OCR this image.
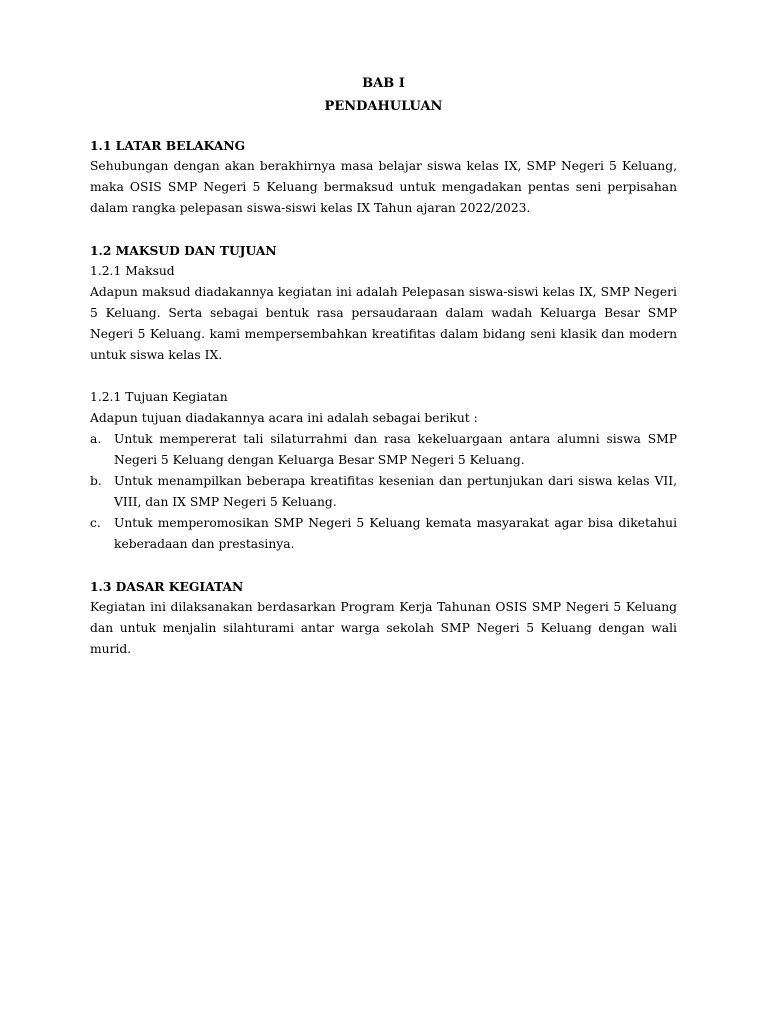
BAB I
PENDAHULUAN
1.1 LATAR BELAKANG

Sehubungan dengan akan berakhirnya masa belajar siswa kelas IX, SMP Negeri 5 Keluang, maka OSIS SMP Negeri 5 Keluang bermaksud untuk mengadakan pentas seni perpisahan dalam rangka pelepasan siswa-siswi kelas IX Tahun ajaran 2022/2023.

1.2 MAKSUD DAN TUJUAN
1.2.1 Maksud

Adapun maksud diadakannya kegiatan ini adalah Pelepasan siswa-siswi kelas IX, SMP Negeri 5 Keluang. Serta sebagai bentuk rasa persaudaraan dalam wadah Keluarga Besar SMP Negeri 5 Keluang. kami mempersembahkan kreatifitas dalam bidang seni klasik dan modern untuk siswa kelas IX.

1.2.1 Tujuan Kegiatan
Adapun tujuan diadakannya acara ini adalah sebagai berikut :
a. Untuk mempererat tali silaturrahmi dan rasa kekeluargaan antara alumni siswa SMP Negeri 5 Keluang dengan Keluarga Besar SMP Negeri 5 Keluang.
b. Untuk menampilkan beberapa kreatifitas kesenian dan pertunjukan dari siswa kelas VII, VIII, dan IX SMP Negeri 5 Keluang.
c. Untuk memperomosikan SMP Negeri 5 Keluang kemata masyarakat agar bisa diketahui keberadaan dan prestasinya.
1.3 DASAR KEGIATAN

Kegiatan ini dilaksanakan berdasarkan Program Kerja Tahunan OSIS SMP Negeri 5 Keluang dan untuk menjalin silahturami antar warga sekolah SMP Negeri 5 Keluang dengan wali murid.
